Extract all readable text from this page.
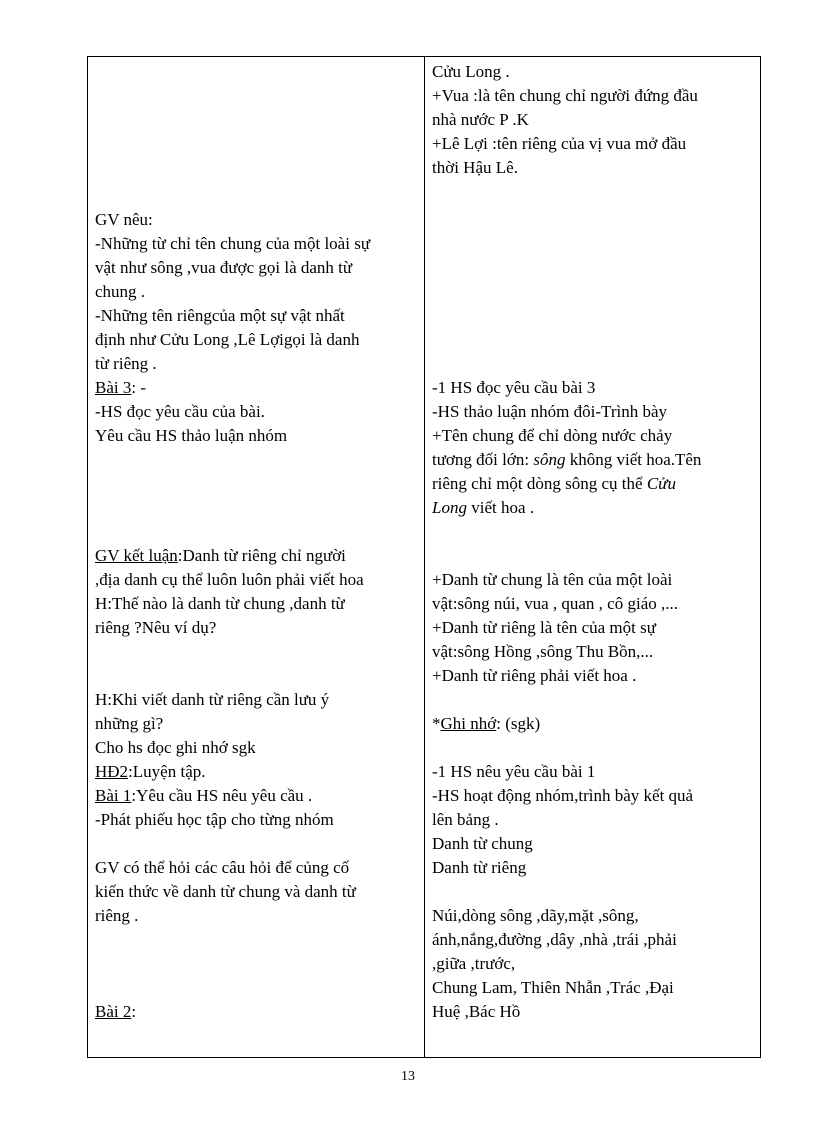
GV nêu:
-Những từ chỉ tên chung của một loài sự
vật như sông ,vua được gọi là danh từ
chung .
-Những tên riêngcủa một sự vật nhất
định như Cửu Long ,Lê Lợigọi là danh
từ riêng .
Bài 3: -
-HS đọc yêu cầu của bài.
Yêu cầu HS thảo luận nhóm
GV kết luận:Danh từ riêng chỉ người
,địa danh cụ thể luôn luôn phải viết hoa
H:Thế nào là danh từ chung ,danh từ
riêng ?Nêu ví dụ?
H:Khi viết danh từ riêng cần lưu ý
những gì?
Cho hs đọc ghi nhớ sgk
HĐ2:Luyện tập.
Bài 1:Yêu cầu HS nêu yêu cầu .
-Phát phiếu học tập cho từng nhóm
GV có thể hỏi các câu hỏi để củng cố
kiến thức về danh từ chung và danh từ
riêng .
Bài 2:
Cửu Long .
+Vua :là tên chung chỉ người đứng đầu
nhà nước P .K
+Lê Lợi :tên riêng của vị vua mở đầu
thời Hậu Lê.
-1 HS đọc yêu cầu bài 3
-HS thảo luận nhóm đôi-Trình bày
+Tên chung để chỉ dòng nước chảy
tương đối lớn: sông không viết hoa.Tên
riêng chỉ một dòng sông cụ thể Cửu
Long viết hoa .
+Danh từ chung là tên của một loài
vật:sông núi, vua , quan , cô giáo ,...
+Danh từ riêng là tên của một sự
vật:sông Hồng ,sông Thu Bồn,...
+Danh từ riêng phải viết hoa .
*Ghi nhớ: (sgk)
-1 HS nêu yêu cầu bài 1
-HS hoạt động nhóm,trình bày kết quả
lên bảng .
Danh từ chung
Danh từ riêng
Núi,dòng sông ,dãy,mặt ,sông,
ánh,nắng,đường ,dây ,nhà ,trái ,phải
,giữa ,trước,
Chung Lam, Thiên Nhẫn ,Trác ,Đại
Huệ ,Bác Hồ
13
